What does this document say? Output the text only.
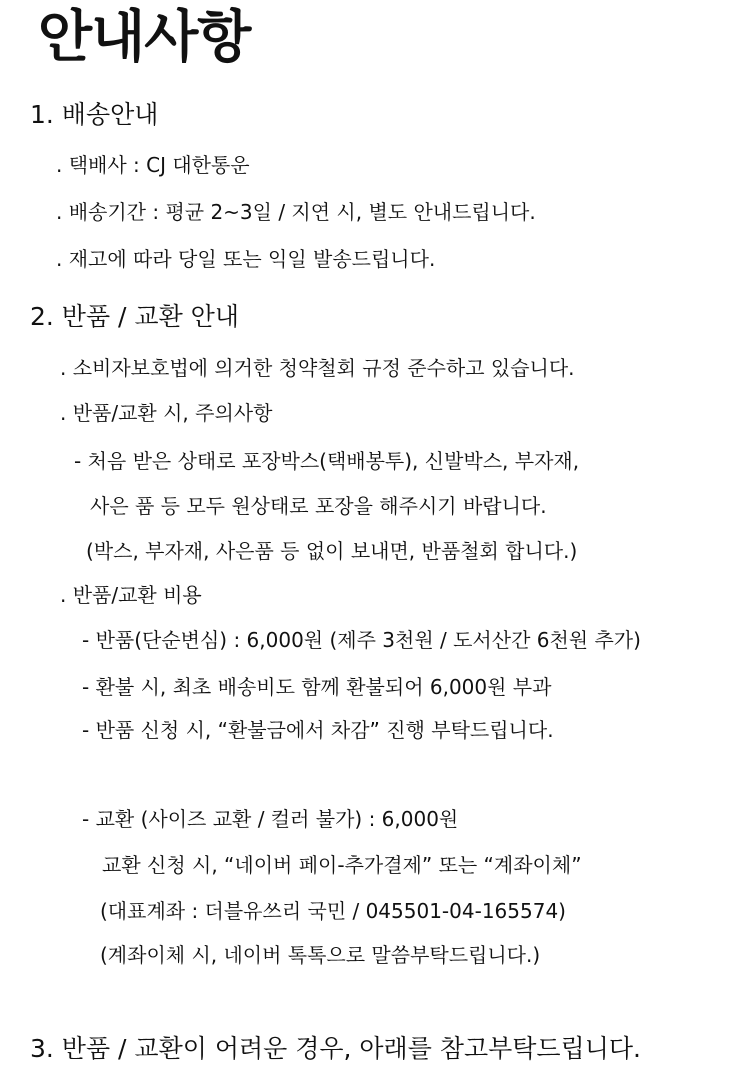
안내사항
1. 배송안내
. 택배사 : CJ 대한통운
. 배송기간 : 평균 2~3일 / 지연 시, 별도 안내드립니다.
. 재고에 따라 당일 또는 익일 발송드립니다.
2. 반품 / 교환 안내
. 소비자보호법에 의거한 청약철회 규정 준수하고 있습니다.
. 반품/교환 시, 주의사항
- 처음 받은 상태로 포장박스(택배봉투), 신발박스, 부자재,
사은 품 등 모두 원상태로 포장을 해주시기 바랍니다.
(박스, 부자재, 사은품 등 없이 보내면, 반품철회 합니다.)
. 반품/교환 비용
- 반품(단순변심) : 6,000원 (제주 3천원 / 도서산간 6천원 추가)
- 환불 시, 최초 배송비도 함께 환불되어 6,000원 부과
- 반품 신청 시, “환불금에서 차감” 진행 부탁드립니다.
- 교환 (사이즈 교환 / 컬러 불가) : 6,000원
교환 신청 시, “네이버 페이-추가결제” 또는 “계좌이체”
(대표계좌 : 더블유쓰리 국민 / 045501-04-165574)
(계좌이체 시, 네이버 톡톡으로 말씀부탁드립니다.)
3. 반품 / 교환이 어려운 경우, 아래를 참고부탁드립니다.
